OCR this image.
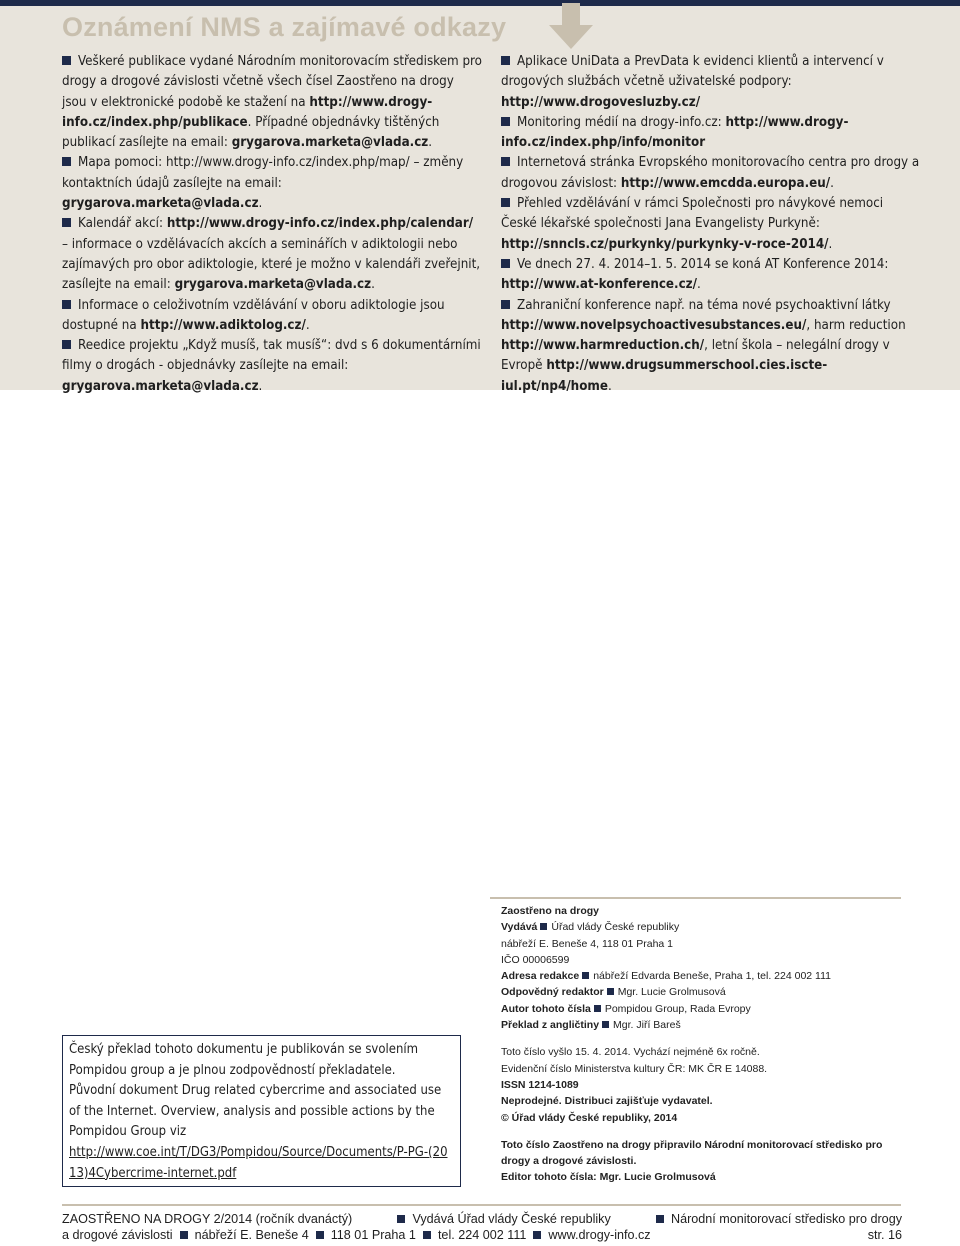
Oznámení NMS a zajímavé odkazy

Veškeré publikace vydané Národním monitorovacím střediskem pro drogy a drogové závislosti včetně všech čísel Zaostřeno na drogy jsou v elektronické podobě ke stažení na http://www.drogy-info.cz/index.php/publikace. Případné objednávky tištěných publikací zasílejte na email: grygarova.marketa@vlada.cz.

Mapa pomoci: http://www.drogy-info.cz/index.php/map/ – změny kontaktních údajů zasílejte na email: grygarova.marketa@vlada.cz.

Kalendář akcí: http://www.drogy-info.cz/index.php/calendar/ – informace o vzdělávacích akcích a seminářích v adiktologii nebo zajímavých pro obor adiktologie, které je možno v kalendáři zveřejnit, zasílejte na email: grygarova.marketa@vlada.cz.

Informace o celoživotním vzdělávání v oboru adiktologie jsou dostupné na http://www.adiktolog.cz/.

Reedice projektu „Když musíš, tak musíš“: dvd s 6 dokumentárními filmy o drogách - objednávky zasílejte na email: grygarova.marketa@vlada.cz.

Aplikace UniData a PrevData k evidenci klientů a intervencí v drogových službách včetně uživatelské podpory: http://www.drogovesluzby.cz/

Monitoring médií na drogy-info.cz: http://www.drogy-info.cz/index.php/info/monitor

Internetová stránka Evropského monitorovacího centra pro drogy a drogovou závislost: http://www.emcdda.europa.eu/.

Přehled vzdělávání v rámci Společnosti pro návykové nemoci České lékařské společnosti Jana Evangelisty Purkyně: http://snncls.cz/purkynky/purkynky-v-roce-2014/.

Ve dnech 27. 4. 2014–1. 5. 2014 se koná AT Konference 2014: http://www.at-konference.cz/.

Zahraniční konference např. na téma nové psychoaktivní látky http://www.novelpsychoactivesubstances.eu/, harm reduction http://www.harmreduction.ch/, letní škola – nelegální drogy v Evropě http://www.drugsummerschool.cies.iscte-iul.pt/np4/home.

Zaostřeno na drogy

Vydává Úřad vlády České republiky

nábřeží E. Beneše 4, 118 01 Praha 1

IČO 00006599

Adresa redakce nábřeží Edvarda Beneše, Praha 1, tel. 224 002 111

Odpovědný redaktor Mgr. Lucie Grolmusová

Autor tohoto čísla Pompidou Group, Rada Evropy

Překlad z angličtiny Mgr. Jiří Bareš

Toto číslo vyšlo 15. 4. 2014. Vychází nejméně 6x ročně.

Evidenční číslo Ministerstva kultury ČR: MK ČR E 14088.

ISSN 1214-1089

Neprodejné. Distribuci zajišťuje vydavatel.

© Úřad vlády České republiky, 2014

Toto číslo Zaostřeno na drogy připravilo Národní monitorovací středisko pro drogy a drogové závislosti.

Editor tohoto čísla: Mgr. Lucie Grolmusová

Český překlad tohoto dokumentu je publikován se svolením Pompidou group a je plnou zodpovědností překladatele.

Původní dokument Drug related cybercrime and associated use of the Internet. Overview, analysis and possible actions by the Pompidou Group viz

http://www.coe.int/T/DG3/Pompidou/Source/Documents/P-PG-(2013)4Cybercrime-internet.pdf

ZAOSTŘENO NA DROGY 2/2014 (ročník dvanáctý)	Vydává Úřad vlády České republiky	Národní monitorovací středisko pro drogy
a drogové závislosti nábřeží E. Beneše 4 118 01 Praha 1 tel. 224 002 111 www.drogy-info.cz	str. 16
